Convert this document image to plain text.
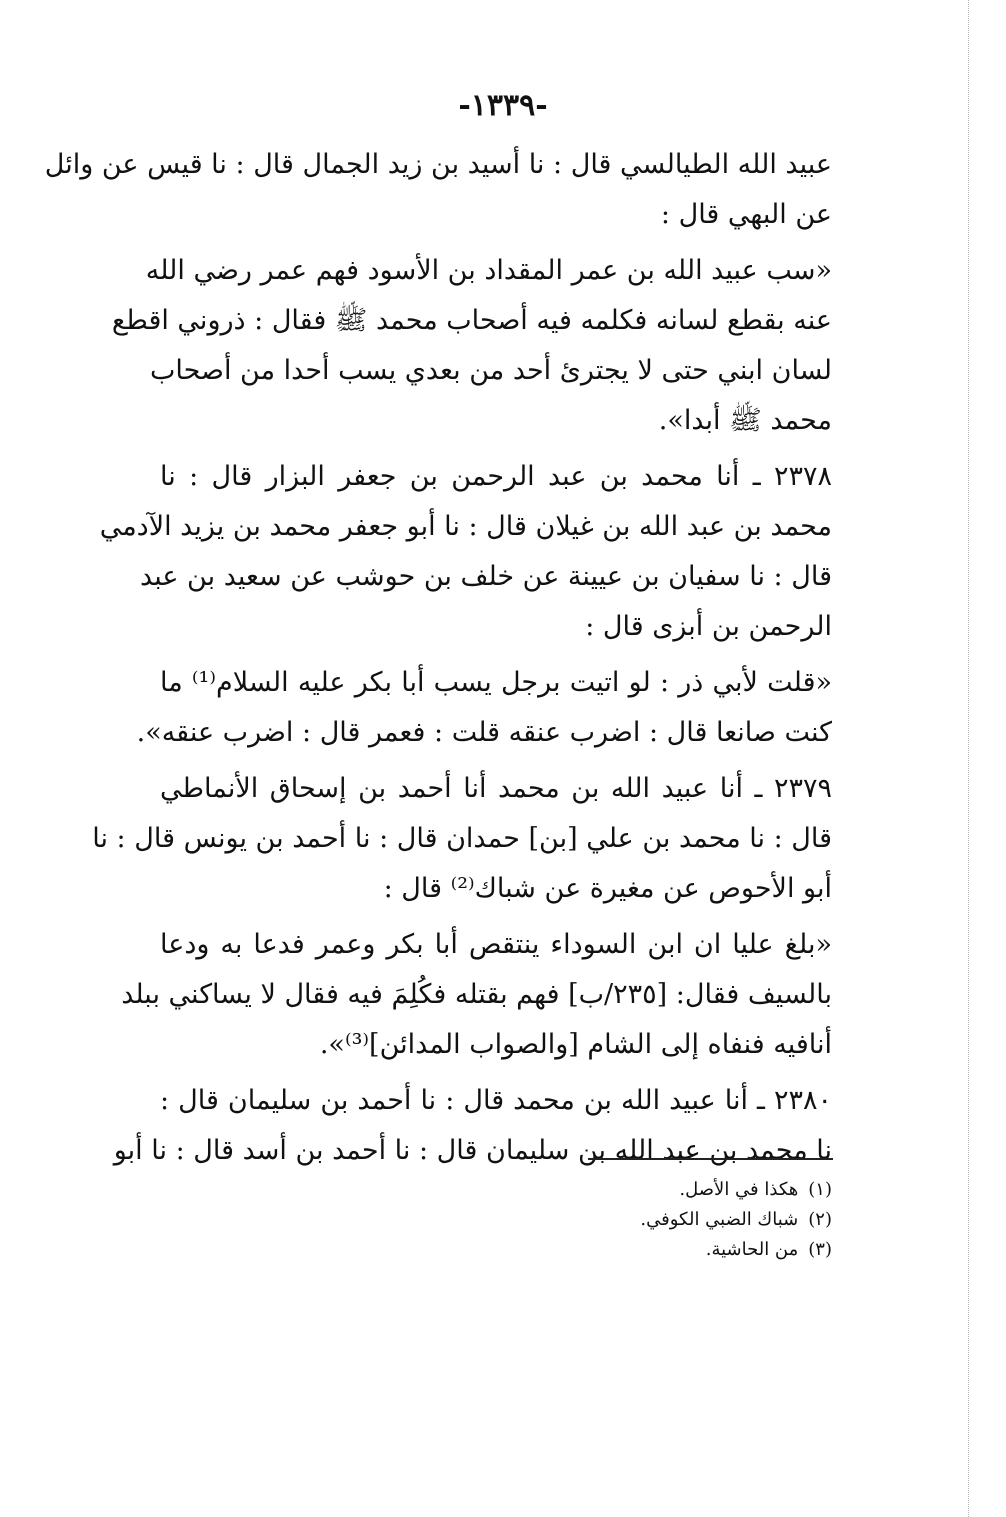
-١٣٣٩-
عبيد الله الطيالسي قال : نا أسيد بن زيد الجمال قال : نا قيس عن وائل
عن البهي قال :
«سب عبيد الله بن عمر المقداد بن الأسود فهم عمر رضي الله
عنه بقطع لسانه فكلمه فيه أصحاب محمد ﷺ فقال : ذروني اقطع
لسان ابني حتى لا يجترئ أحد من بعدي يسب أحدا من أصحاب
محمد ﷺ أبدا».
٢٣٧٨ ـ أنا محمد بن عبد الرحمن بن جعفر البزار قال : نا
محمد بن عبد الله بن غيلان قال : نا أبو جعفر محمد بن يزيد الآدمي
قال : نا سفيان بن عيينة عن خلف بن حوشب عن سعيد بن عبد
الرحمن بن أبزى قال :
«قلت لأبي ذر : لو اتيت برجل يسب أبا بكر عليه السلام⁽¹⁾ ما
كنت صانعا قال : اضرب عنقه قلت : فعمر قال : اضرب عنقه».
٢٣٧٩ ـ أنا عبيد الله بن محمد أنا أحمد بن إسحاق الأنماطي
قال : نا محمد بن علي [بن] حمدان قال : نا أحمد بن يونس قال : نا
أبو الأحوص عن مغيرة عن شباك⁽²⁾ قال :
«بلغ عليا ان ابن السوداء ينتقص أبا بكر وعمر فدعا به ودعا
بالسيف فقال: [٢٣٥/ب] فهم بقتله فكُلِمَ فيه فقال لا يساكني ببلد
أنافيه فنفاه إلى الشام [والصواب المدائن]⁽³⁾».
٢٣٨٠ ـ أنا عبيد الله بن محمد قال : نا أحمد بن سليمان قال :
نا محمد بن عبد الله بن سليمان قال : نا أحمد بن أسد قال : نا أبو
(١)هكذا في الأصل.
(٢)شباك الضبي الكوفي.
(٣)من الحاشية.
